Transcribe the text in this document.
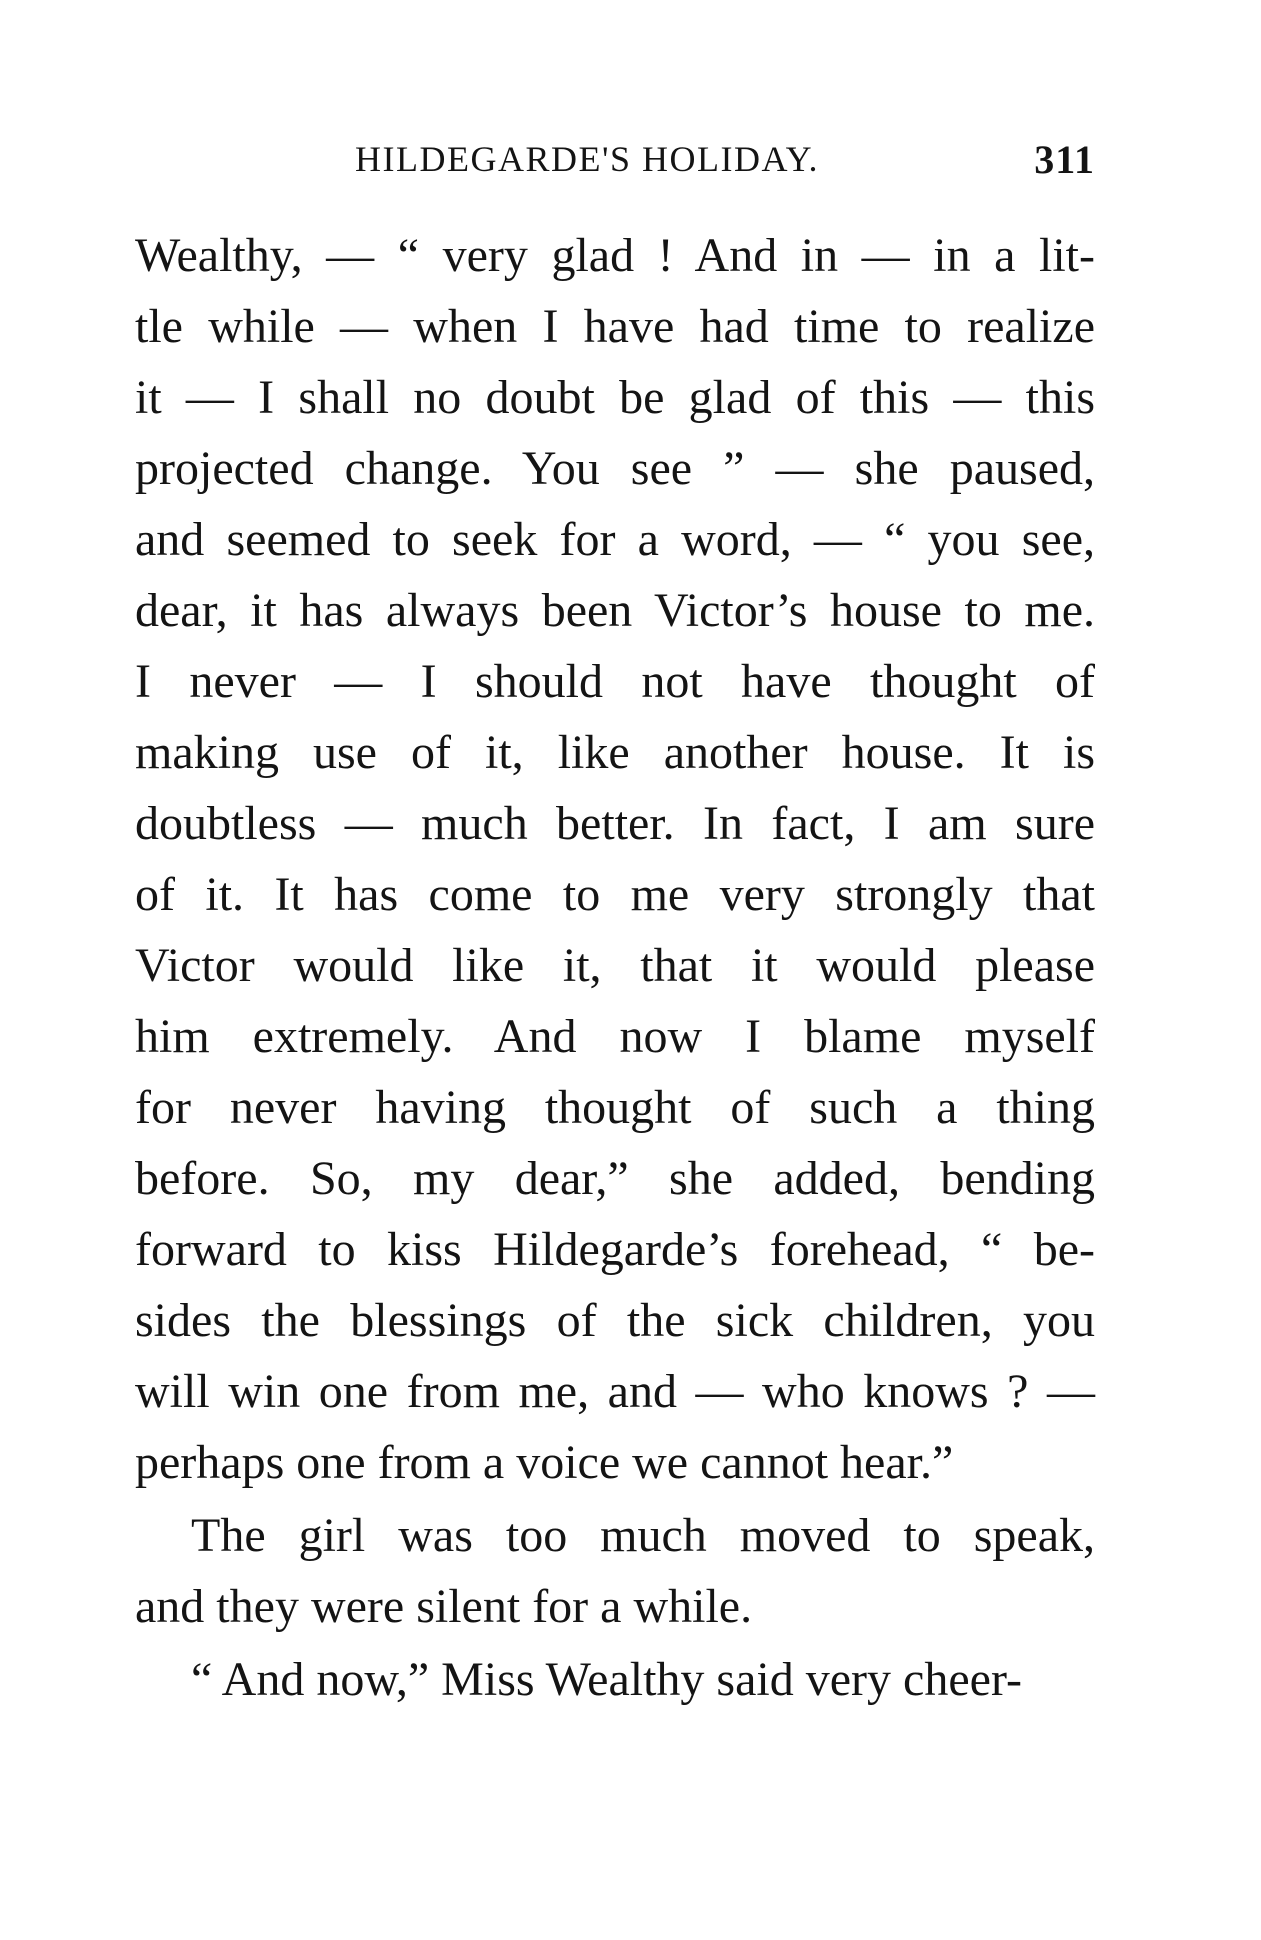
HILDEGARDE'S HOLIDAY.	311
Wealthy, — “ very glad ! And in — in a lit-
tle while — when I have had time to realize
it — I shall no doubt be glad of this — this
projected change. You see ” — she paused,
and seemed to seek for a word, — “ you see,
dear, it has always been Victor’s house to me.
I never — I should not have thought of
making use of it, like another house. It is
doubtless — much better. In fact, I am sure
of it. It has come to me very strongly that
Victor would like it, that it would please
him extremely. And now I blame myself
for never having thought of such a thing
before. So, my dear,” she added, bending
forward to kiss Hildegarde’s forehead, “ be-
sides the blessings of the sick children, you
will win one from me, and — who knows ? —
perhaps one from a voice we cannot hear.”
The girl was too much moved to speak,
and they were silent for a while.
“ And now,” Miss Wealthy said very cheer-
